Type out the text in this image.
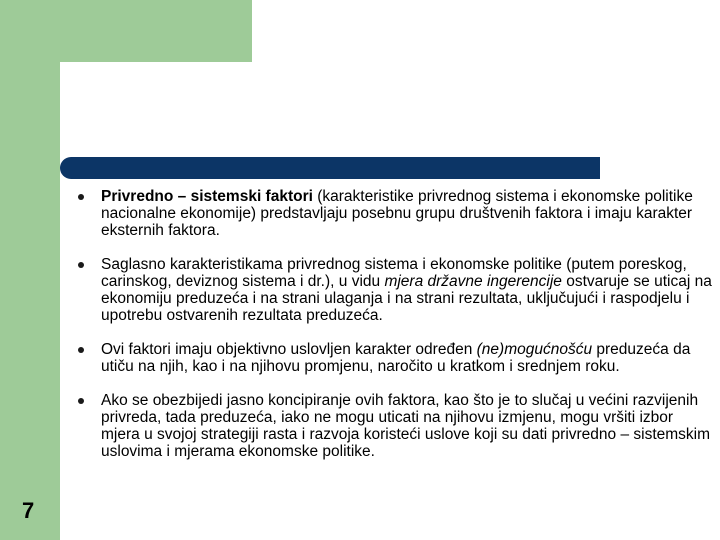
Privredno – sistemski faktori (karakteristike privrednog sistema i ekonomske politike nacionalne ekonomije) predstavljaju posebnu grupu društvenih faktora i imaju karakter eksternih faktora.
Saglasno karakteristikama privrednog sistema i ekonomske politike (putem poreskog, carinskog, deviznog sistema i dr.), u vidu mjera državne ingerencije ostvaruje se uticaj na ekonomiju preduzeća i na strani ulaganja i na strani rezultata, uključujući i raspodjelu i upotrebu ostvarenih rezultata preduzeća.
Ovi faktori imaju objektivno uslovljen karakter određen (ne)mogućnošću preduzeća da utiču na njih, kao i na njihovu promjenu, naročito u kratkom i srednjem roku.
Ako se obezbijedi jasno koncipiranje ovih faktora, kao što je to slučaj u većini razvijenih privreda, tada preduzeća, iako ne mogu uticati na njihovu izmjenu, mogu vršiti izbor mjera u svojoj strategiji rasta i razvoja koristeći uslove koji su dati privredno – sistemskim uslovima i mjerama ekonomske politike.
7
